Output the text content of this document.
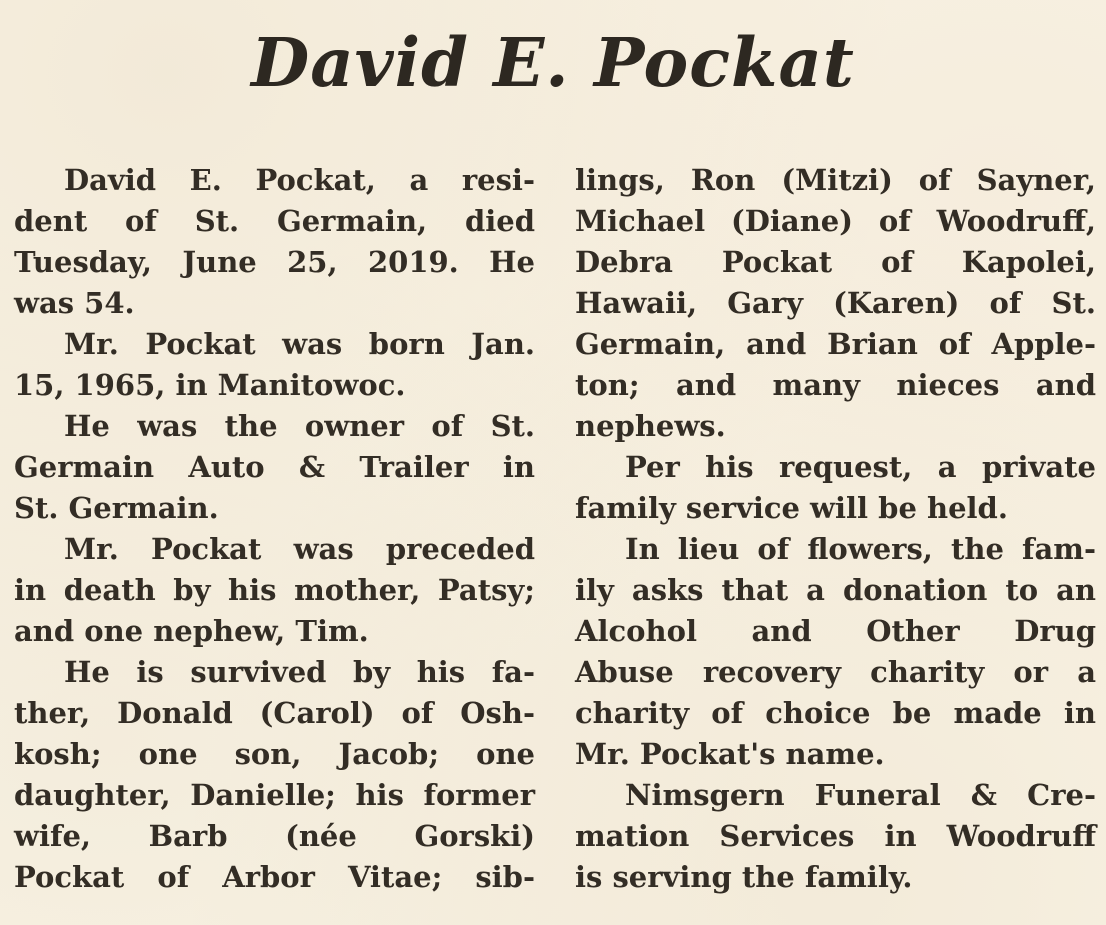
David E. Pockat
David E. Pockat, a resi-
dent of St. Germain, died
Tuesday, June 25, 2019. He
was 54.
Mr. Pockat was born Jan.
15, 1965, in Manitowoc.
He was the owner of St.
Germain Auto & Trailer in
St. Germain.
Mr. Pockat was preceded
in death by his mother, Patsy;
and one nephew, Tim.
He is survived by his fa-
ther, Donald (Carol) of Osh-
kosh; one son, Jacob; one
daughter, Danielle; his former
wife, Barb (née Gorski)
Pockat of Arbor Vitae; sib-
lings, Ron (Mitzi) of Sayner,
Michael (Diane) of Woodruff,
Debra Pockat of Kapolei,
Hawaii, Gary (Karen) of St.
Germain, and Brian of Apple-
ton; and many nieces and
nephews.
Per his request, a private
family service will be held.
In lieu of flowers, the fam-
ily asks that a donation to an
Alcohol and Other Drug
Abuse recovery charity or a
charity of choice be made in
Mr. Pockat's name.
Nimsgern Funeral & Cre-
mation Services in Woodruff
is serving the family.
